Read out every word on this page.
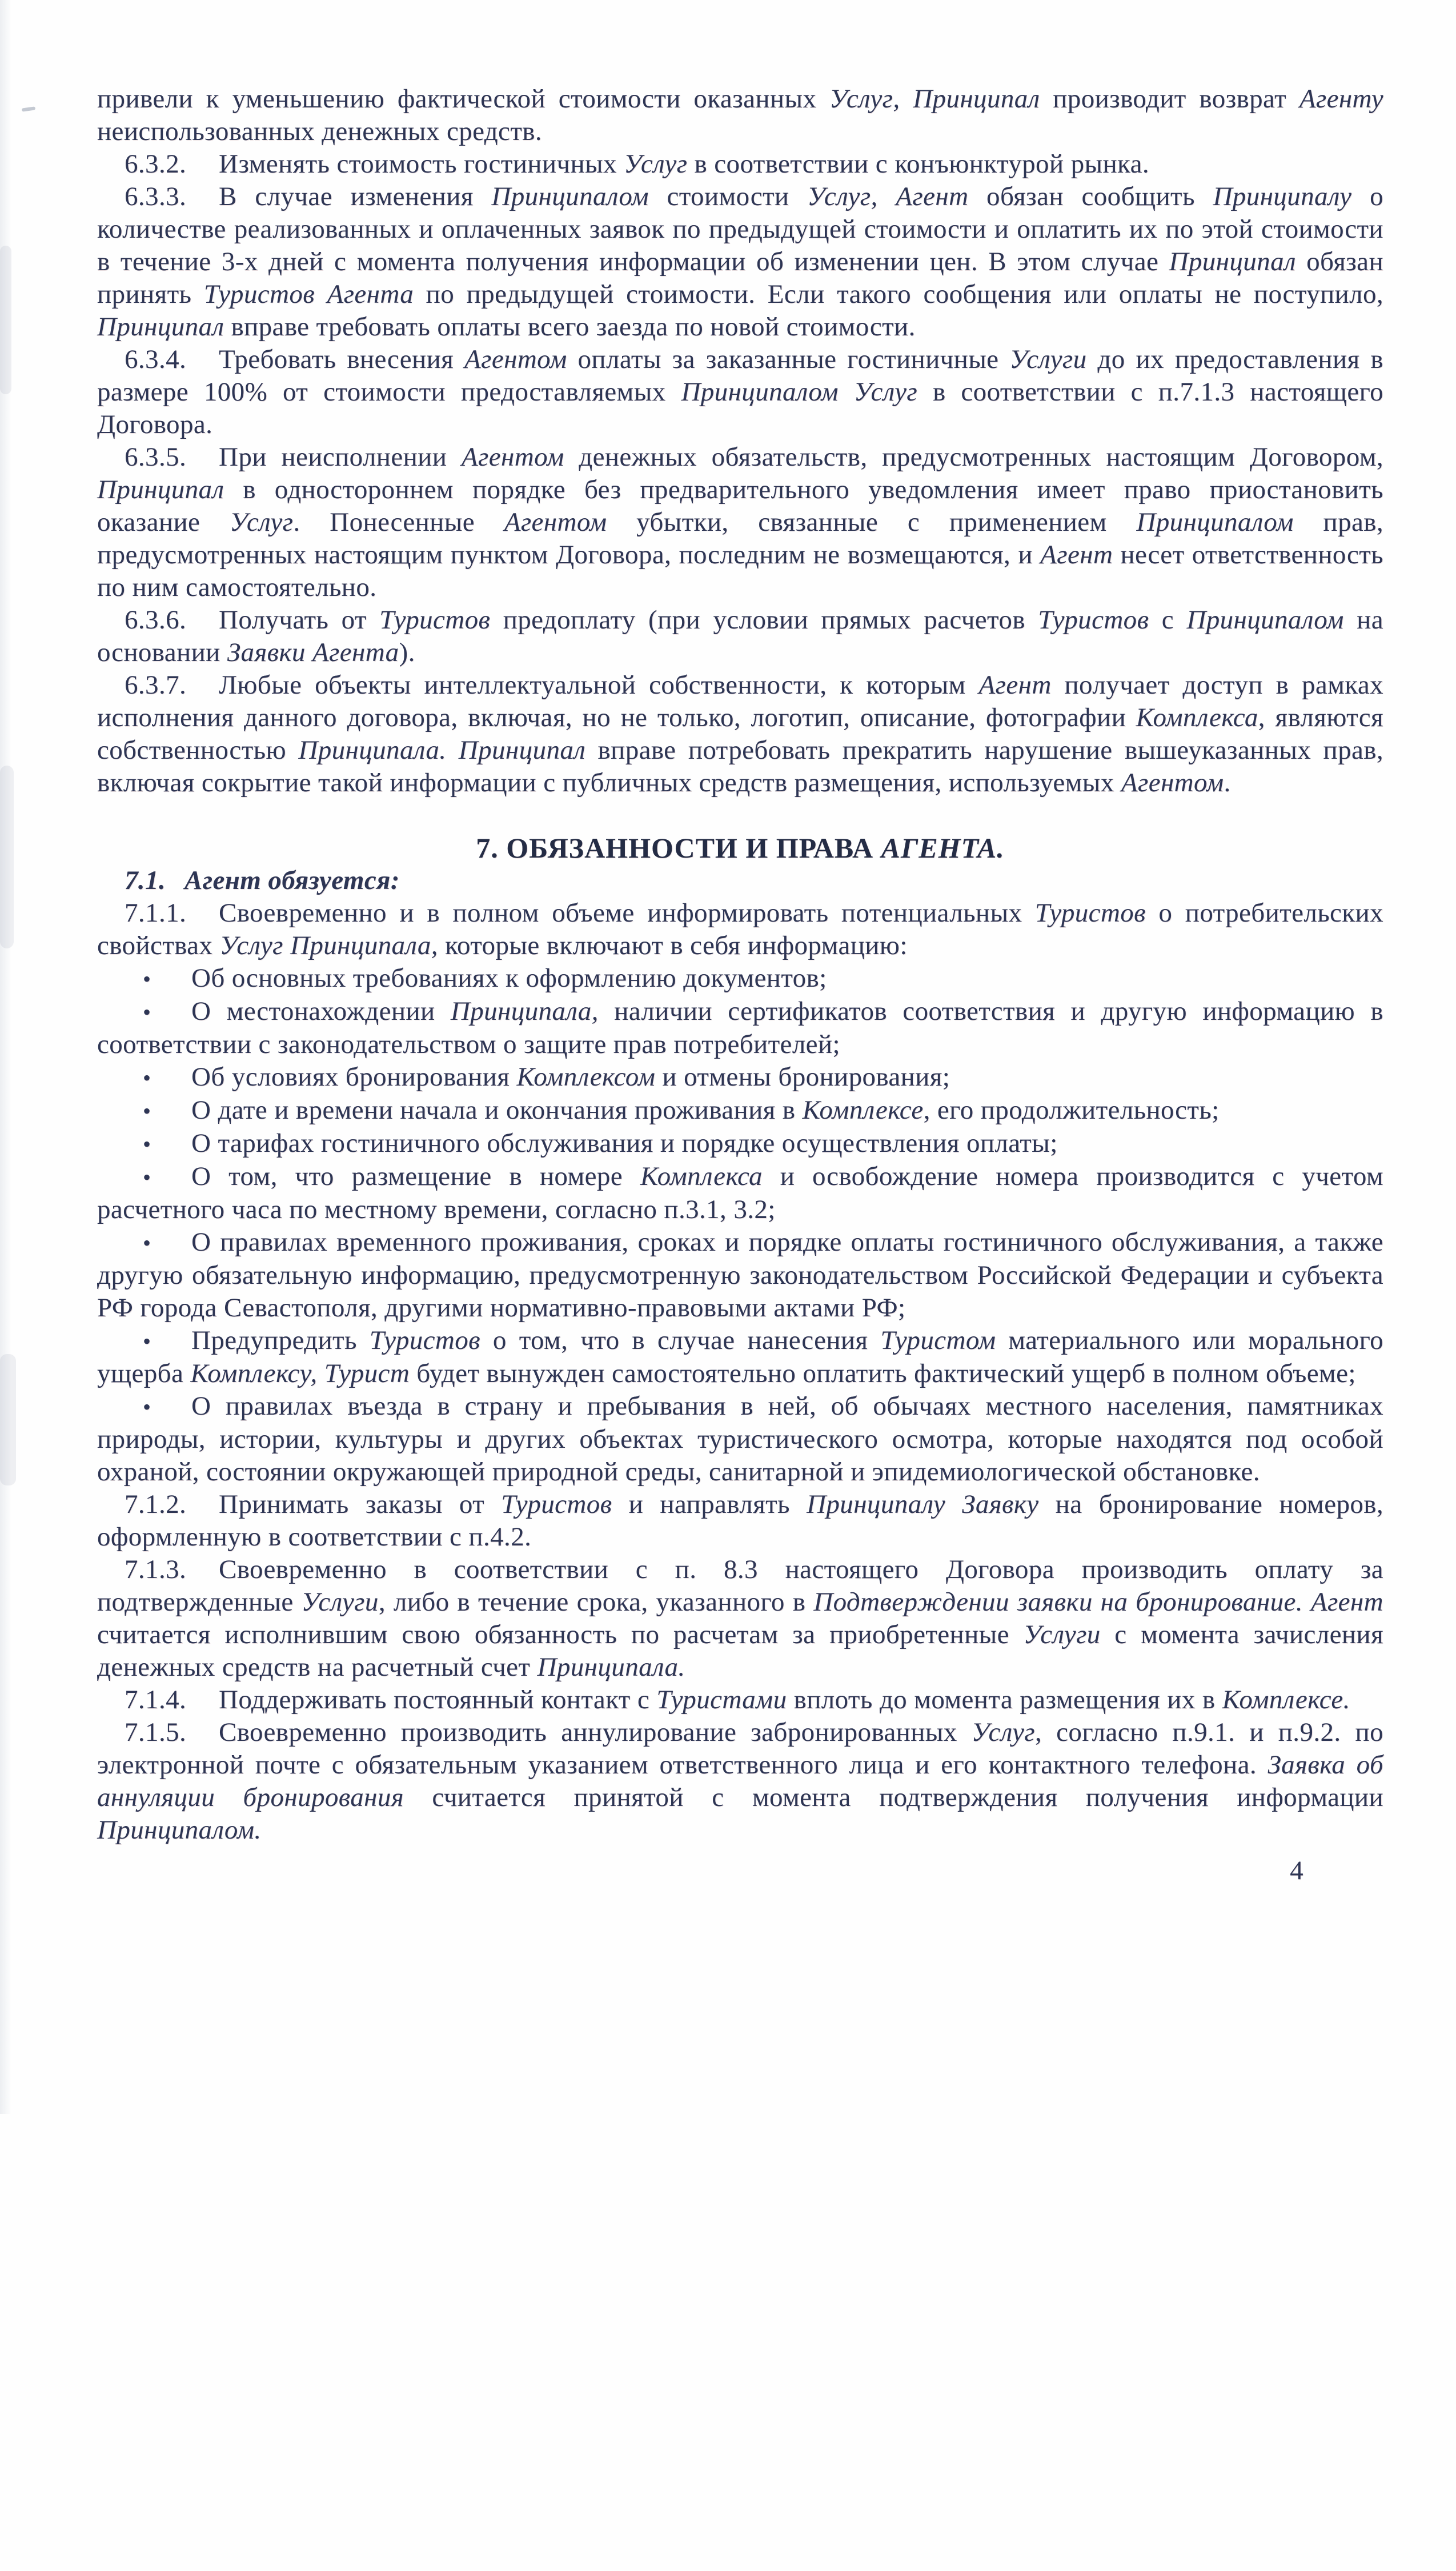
привели к уменьшению фактической стоимости оказанных Услуг, Принципал производит возврат Агенту неиспользованных денежных средств.

6.3.2. Изменять стоимость гостиничных Услуг в соответствии с конъюнктурой рынка.

6.3.3. В случае изменения Принципалом стоимости Услуг, Агент обязан сообщить Принципалу о количестве реализованных и оплаченных заявок по предыдущей стоимости и оплатить их по этой стоимости в течение 3-х дней с момента получения информации об изменении цен. В этом случае Принципал обязан принять Туристов Агента по предыдущей стоимости. Если такого сообщения или оплаты не поступило, Принципал вправе требовать оплаты всего заезда по новой стоимости.

6.3.4. Требовать внесения Агентом оплаты за заказанные гостиничные Услуги до их предоставления в размере 100% от стоимости предоставляемых Принципалом Услуг в соответствии с п.7.1.3 настоящего Договора.

6.3.5. При неисполнении Агентом денежных обязательств, предусмотренных настоящим Договором, Принципал в одностороннем порядке без предварительного уведомления имеет право приостановить оказание Услуг. Понесенные Агентом убытки, связанные с применением Принципалом прав, предусмотренных настоящим пунктом Договора, последним не возмещаются, и Агент несет ответственность по ним самостоятельно.

6.3.6. Получать от Туристов предоплату (при условии прямых расчетов Туристов с Принципалом на основании Заявки Агента).

6.3.7. Любые объекты интеллектуальной собственности, к которым Агент получает доступ в рамках исполнения данного договора, включая, но не только, логотип, описание, фотографии Комплекса, являются собственностью Принципала. Принципал вправе потребовать прекратить нарушение вышеуказанных прав, включая сокрытие такой информации с публичных средств размещения, используемых Агентом.

7. ОБЯЗАННОСТИ И ПРАВА АГЕНТА.

7.1. Агент обязуется:

7.1.1. Своевременно и в полном объеме информировать потенциальных Туристов о потребительских свойствах Услуг Принципала, которые включают в себя информацию:

• Об основных требованиях к оформлению документов;

• О местонахождении Принципала, наличии сертификатов соответствия и другую информацию в соответствии с законодательством о защите прав потребителей;

• Об условиях бронирования Комплексом и отмены бронирования;

• О дате и времени начала и окончания проживания в Комплексе, его продолжительность;

• О тарифах гостиничного обслуживания и порядке осуществления оплаты;

• О том, что размещение в номере Комплекса и освобождение номера производится с учетом расчетного часа по местному времени, согласно п.3.1, 3.2;

• О правилах временного проживания, сроках и порядке оплаты гостиничного обслуживания, а также другую обязательную информацию, предусмотренную законодательством Российской Федерации и субъекта РФ города Севастополя, другими нормативно-правовыми актами РФ;

• Предупредить Туристов о том, что в случае нанесения Туристом материального или морального ущерба Комплексу, Турист будет вынужден самостоятельно оплатить фактический ущерб в полном объеме;

• О правилах въезда в страну и пребывания в ней, об обычаях местного населения, памятниках природы, истории, культуры и других объектах туристического осмотра, которые находятся под особой охраной, состоянии окружающей природной среды, санитарной и эпидемиологической обстановке.

7.1.2. Принимать заказы от Туристов и направлять Принципалу Заявку на бронирование номеров, оформленную в соответствии с п.4.2.

7.1.3. Своевременно в соответствии с п. 8.3 настоящего Договора производить оплату за подтвержденные Услуги, либо в течение срока, указанного в Подтверждении заявки на бронирование. Агент считается исполнившим свою обязанность по расчетам за приобретенные Услуги с момента зачисления денежных средств на расчетный счет Принципала.

7.1.4. Поддерживать постоянный контакт с Туристами вплоть до момента размещения их в Комплексе.

7.1.5. Своевременно производить аннулирование забронированных Услуг, согласно п.9.1. и п.9.2. по электронной почте с обязательным указанием ответственного лица и его контактного телефона. Заявка об аннуляции бронирования считается принятой с момента подтверждения получения информации Принципалом.

4
